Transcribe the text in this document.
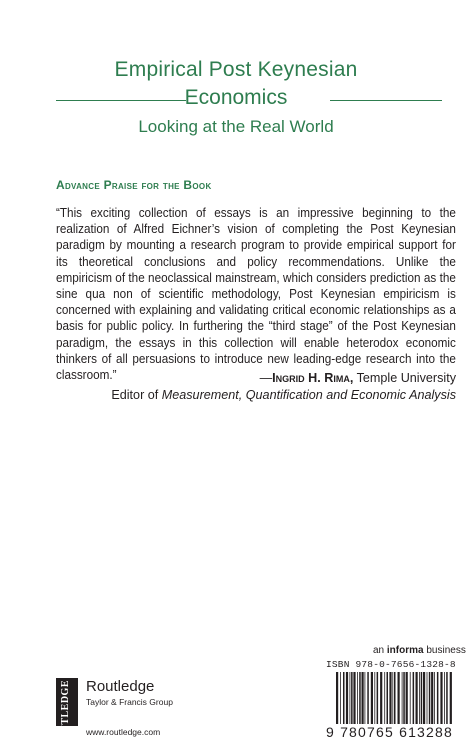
Empirical Post Keynesian
Economics
Looking at the Real World
Advance Praise for the Book
“This exciting collection of essays is an impressive beginning to the realization of Alfred Eichner’s vision of completing the Post Keynesian paradigm by mounting a research program to provide empirical support for its theoretical conclusions and policy recommendations. Unlike the empiricism of the neoclassical mainstream, which considers prediction as the sine qua non of scientific methodology, Post Keynesian empiricism is concerned with explaining and validating critical economic relationships as a basis for public policy. In furthering the “third stage” of the Post Keynesian paradigm, the essays in this collection will enable heterodox economic thinkers of all persuasions to introduce new leading-edge research into the classroom.”	—Ingrid H. Rima, Temple University
Editor of Measurement, Quantification and Economic Analysis
ROUTLEDGE Routledge
Taylor & Francis Group
www.routledge.com
an informa business
ISBN 978-0-7656-1328-8
9 780765 613288
